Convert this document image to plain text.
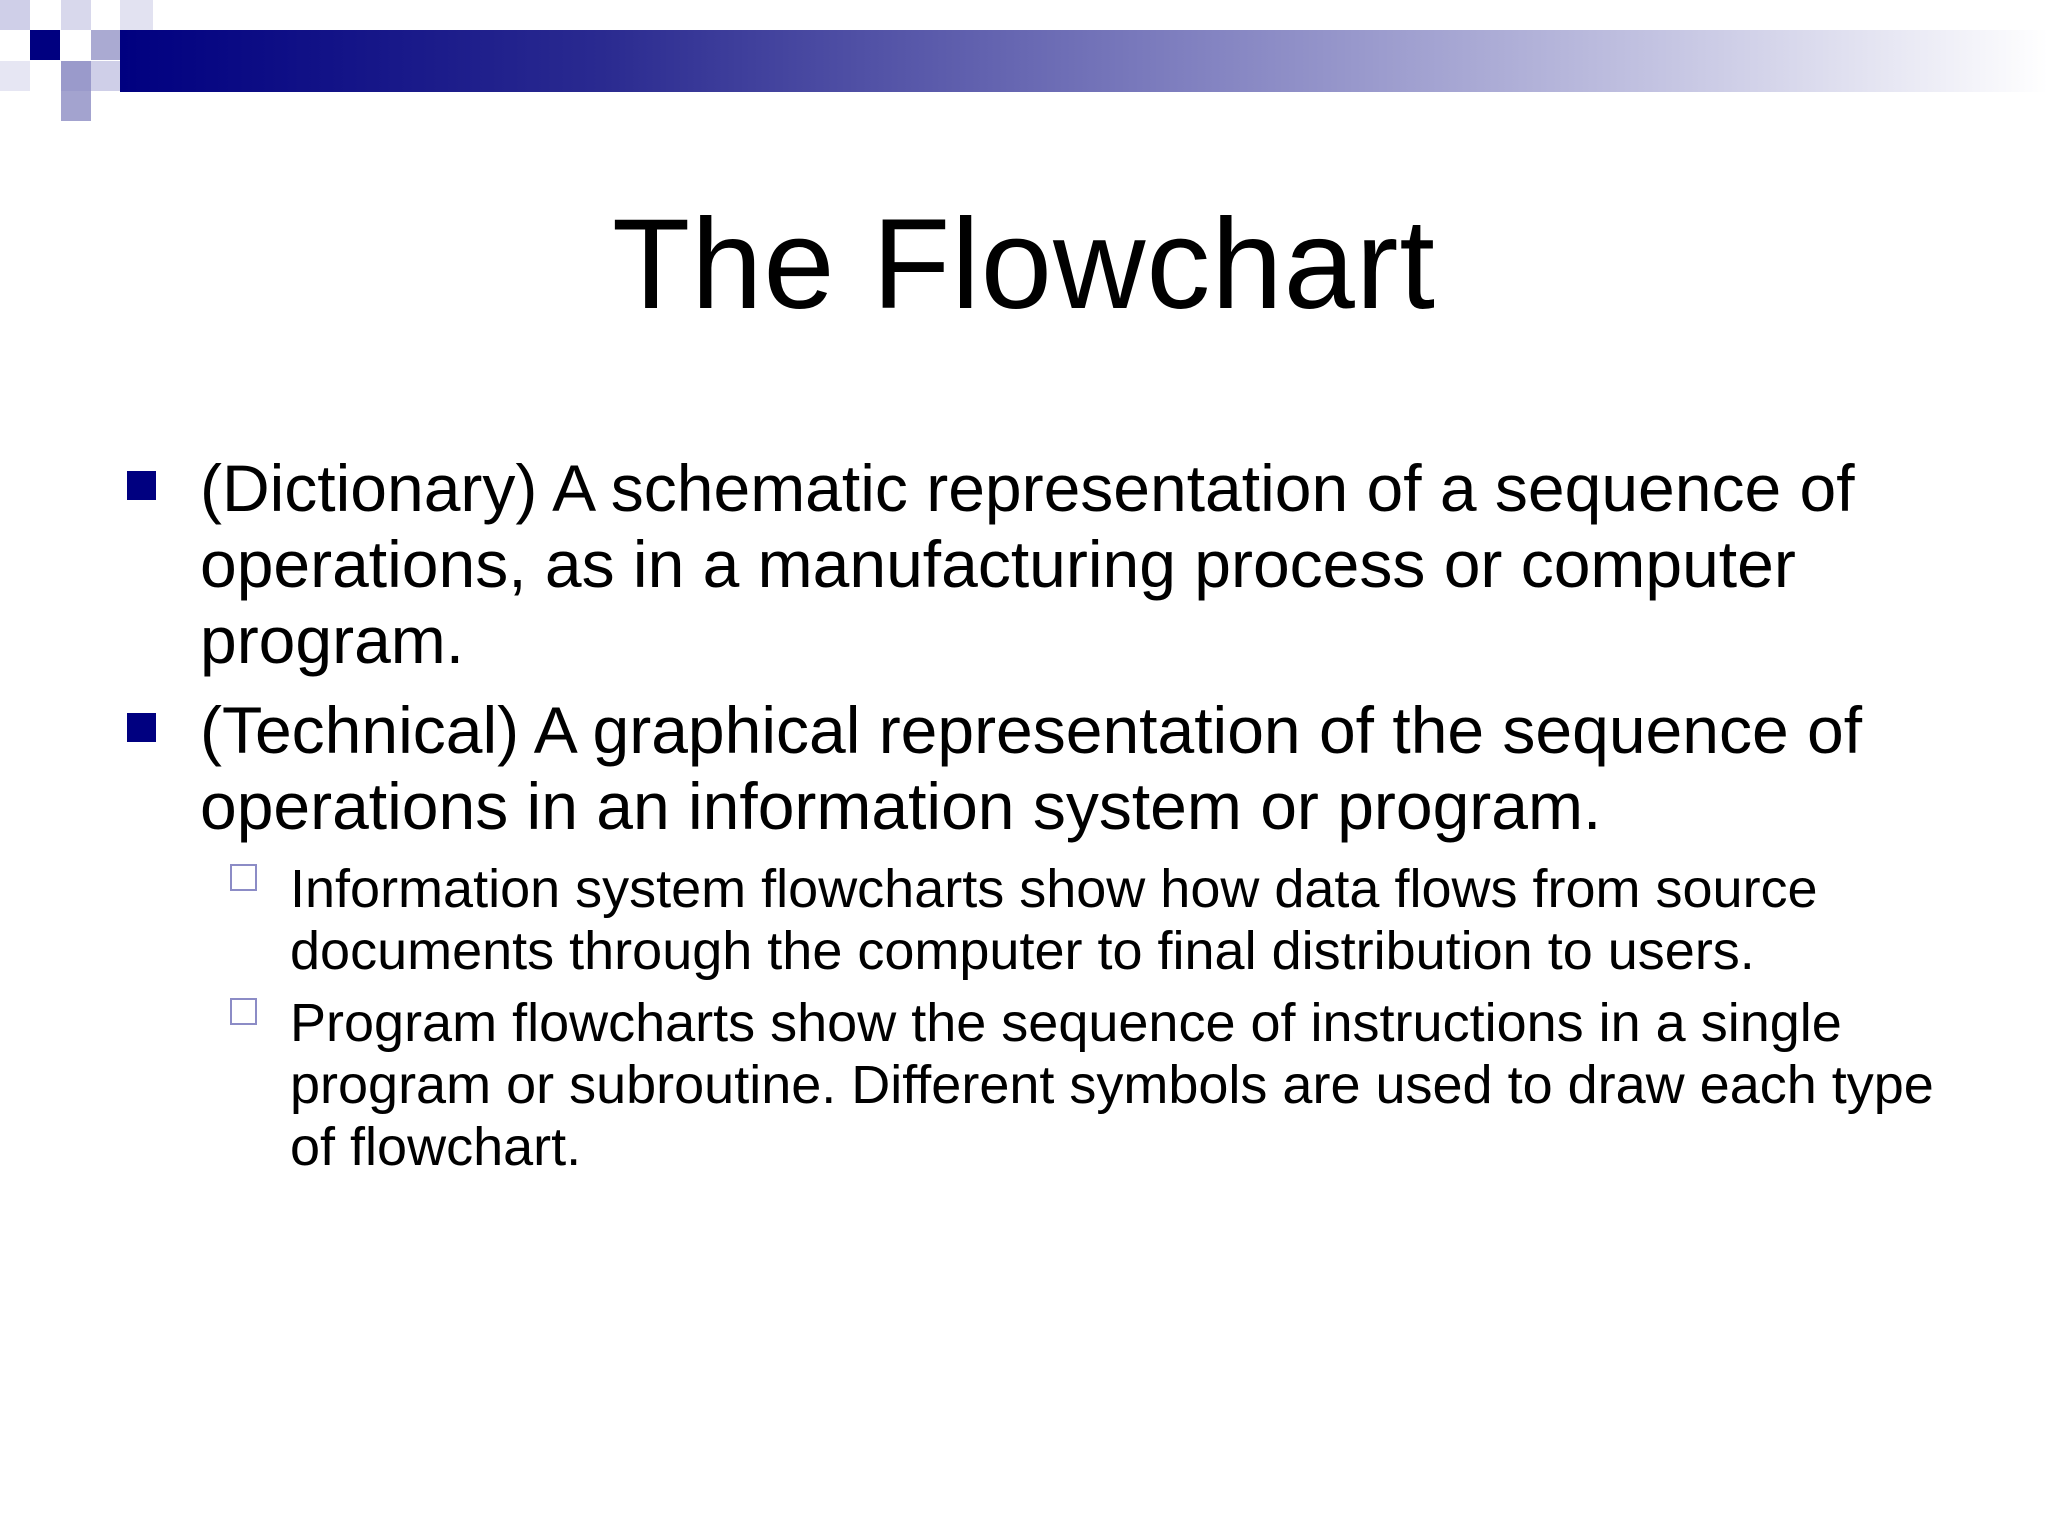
The Flowchart
(Dictionary) A schematic representation of a sequence of operations, as in a manufacturing process or computer program.
(Technical) A graphical representation of the sequence of operations in an information system or program.
Information system flowcharts show how data flows from source documents through the computer to final distribution to users.
Program flowcharts show the sequence of instructions in a single program or subroutine. Different symbols are used to draw each type of flowchart.
